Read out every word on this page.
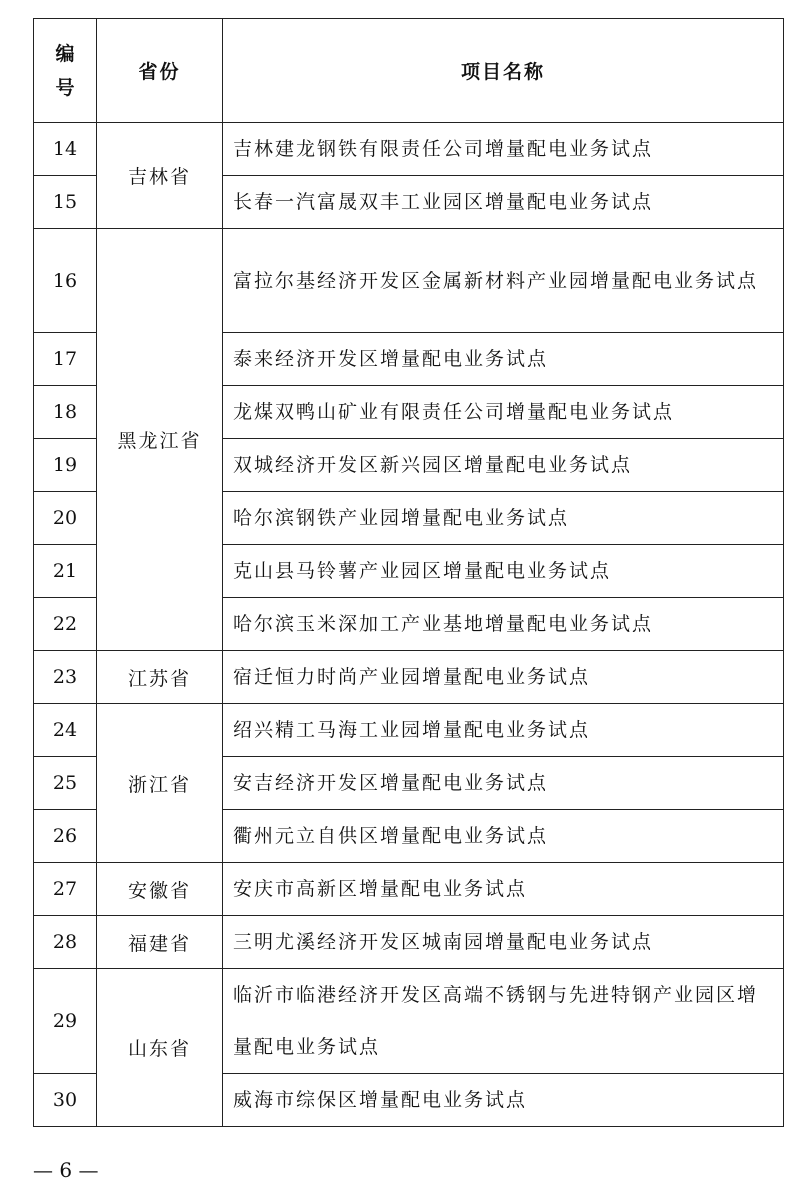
编
号	省份	项目名称
14	吉林省	吉林建龙钢铁有限责任公司增量配电业务试点
15		长春一汽富晟双丰工业园区增量配电业务试点
16	黑龙江省	富拉尔基经济开发区金属新材料产业园增量配电业务试点
17		泰来经济开发区增量配电业务试点
18		龙煤双鸭山矿业有限责任公司增量配电业务试点
19		双城经济开发区新兴园区增量配电业务试点
20		哈尔滨钢铁产业园增量配电业务试点
21		克山县马铃薯产业园区增量配电业务试点
22		哈尔滨玉米深加工产业基地增量配电业务试点
23	江苏省	宿迁恒力时尚产业园增量配电业务试点
24	浙江省	绍兴精工马海工业园增量配电业务试点
25		安吉经济开发区增量配电业务试点
26		衢州元立自供区增量配电业务试点
27	安徽省	安庆市高新区增量配电业务试点
28	福建省	三明尤溪经济开发区城南园增量配电业务试点
29	山东省	临沂市临港经济开发区高端不锈钢与先进特钢产业园区增量配电业务试点
30		威海市综保区增量配电业务试点
— 6 —
